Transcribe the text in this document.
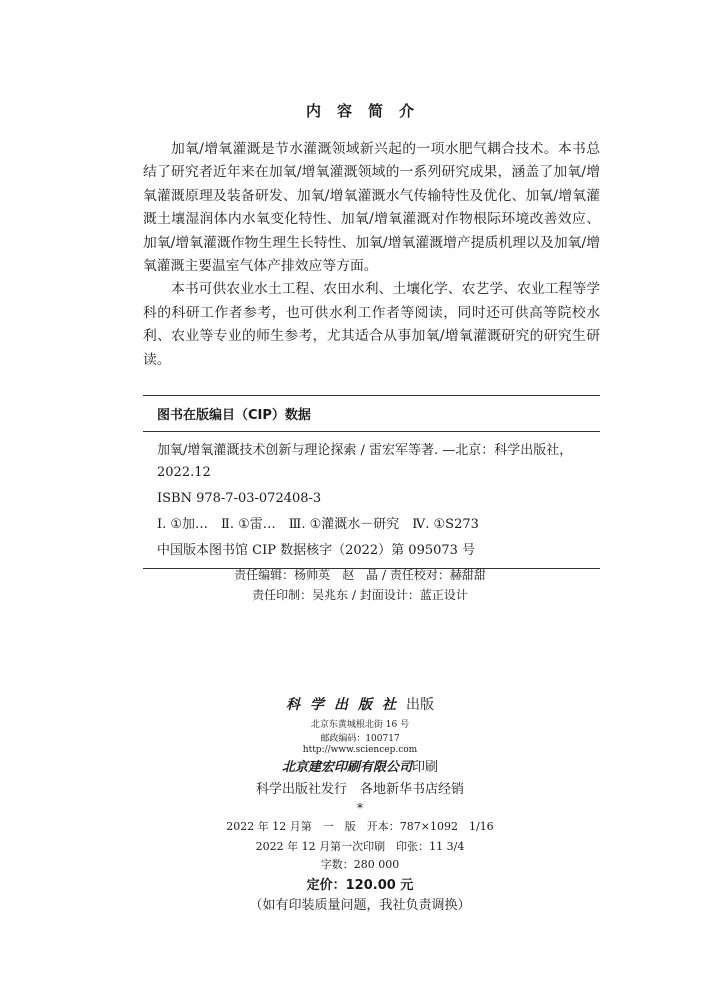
内容简介

加氧/增氧灌溉是节水灌溉领域新兴起的一项水肥气耦合技术。本书总结了研究者近年来在加氧/增氧灌溉领域的一系列研究成果，涵盖了加氧/增氧灌溉原理及装备研发、加氧/增氧灌溉水气传输特性及优化、加氧/增氧灌溉土壤湿润体内水氧变化特性、加氧/增氧灌溉对作物根际环境改善效应、加氧/增氧灌溉作物生理生长特性、加氧/增氧灌溉增产提质机理以及加氧/增氧灌溉主要温室气体产排效应等方面。

本书可供农业水土工程、农田水利、土壤化学、农艺学、农业工程等学科的科研工作者参考，也可供水利工作者等阅读，同时还可供高等院校水利、农业等专业的师生参考，尤其适合从事加氧/增氧灌溉研究的研究生研读。

图书在版编目（CIP）数据
加氧/增氧灌溉技术创新与理论探索 / 雷宏军等著. —北京：科学出版社，2022.12
ISBN 978-7-03-072408-3
Ⅰ. ①加…　Ⅱ. ①雷…　Ⅲ. ①灌溉水－研究　Ⅳ. ①S273
中国版本图书馆 CIP 数据核字（2022）第 095073 号
责任编辑：杨帅英　赵　晶 / 责任校对：赫甜甜
责任印制：吴兆东 / 封面设计：蓝正设计
科学出版社出版
北京东黄城根北街 16 号
邮政编码：100717
http://www.sciencep.com
北京建宏印刷有限公司印刷
科学出版社发行　各地新华书店经销
*
2022 年 12 月第　一　版　开本：787×1092　1/16
2022 年 12 月第一次印刷　印张：11 3/4
字数：280 000
定价：120.00 元
（如有印装质量问题，我社负责调换）
